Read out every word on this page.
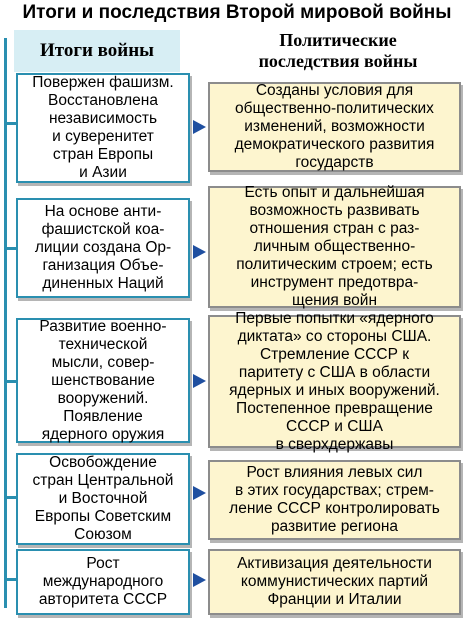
Итоги и последствия Второй мировой войны
Итоги войны	Политические
последствия войны
Повержен фашизм.
Восстановлена
независимость
и суверенитет
стран Европы
и Азии
Созданы условия для
общественно-политических
изменений, возможности
демократического развития
государств
На основе анти-
фашистской коа-
лиции создана Ор-
ганизация Объе-
диненных Наций
Есть опыт и дальнейшая
возможность развивать
отношения стран с раз-
личным общественно-
политическим строем; есть
инструмент предотвра-
щения войн
Развитие военно-
технической
мысли, совер-
шенствование
вооружений.
Появление
ядерного оружия
Первые попытки «ядерного
диктата» со стороны США.
Стремление СССР к
паритету с США в области
ядерных и иных вооружений.
Постепенное превращение
СССР и США
в сверхдержавы
Освобождение
стран Центральной
и Восточной
Европы Советским
Союзом
Рост влияния левых сил
в этих государствах; стрем-
ление СССР контролировать
развитие региона
Рост
международного
авторитета СССР
Активизация деятельности
коммунистических партий
Франции и Италии
